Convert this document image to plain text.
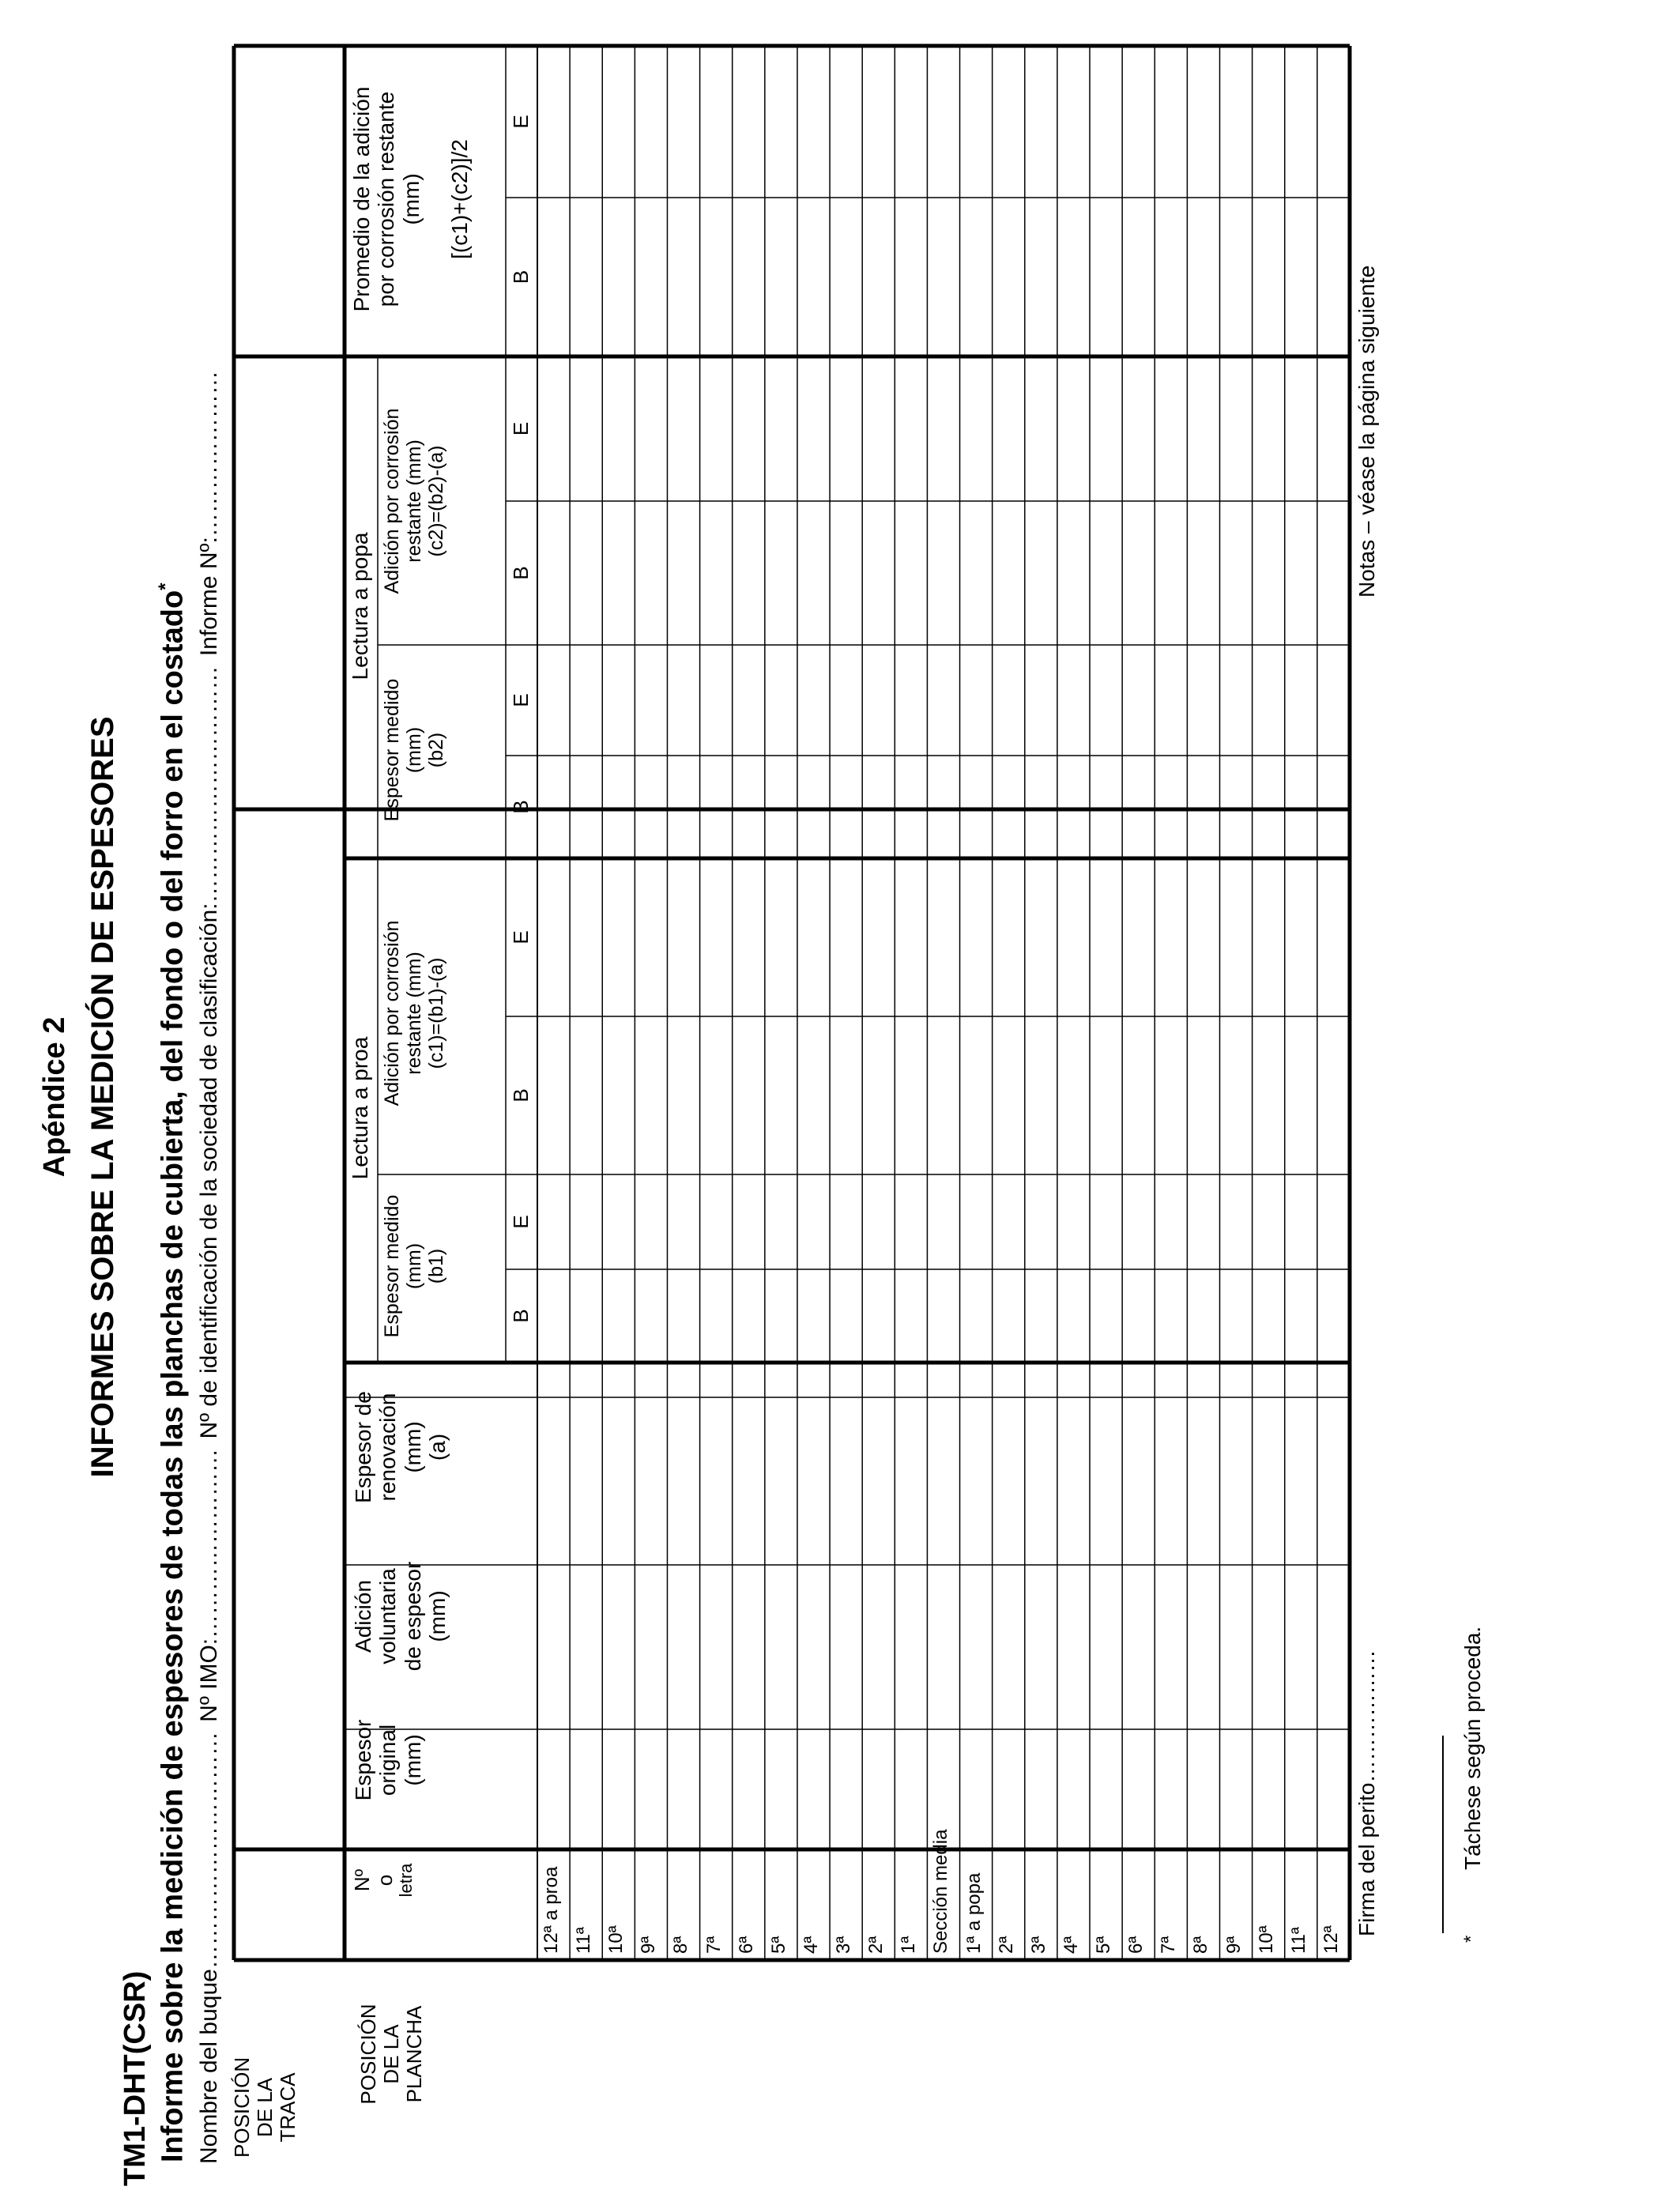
Apéndice 2 INFORMES SOBRE LA MEDICIÓN DE ESPESORES
TM1-DHT(CSR) Informe sobre la medición de espesores de todas las planchas de cubierta, del fondo o del forro en el costado*
Nombre del buque………………………… Nº IMO:…………………… Nº de identificación de la sociedad de clasificación:………………………… Informe Nº:…………………
B
E
B
E
B
E
B
E
B
E
POSICIÓN DE LA TRACA
POSICIÓN DE LA PLANCHA
Nº o letra
Espesor original (mm)
Adición voluntaria de espesor (mm)
Espesor de renovación (mm) (a)
Lectura a proa
Espesor medido (mm) (b1)
Adición por corrosión restante (mm) (c1)=(b1)-(a)
Lectura a popa
Espesor medido (mm) (b2)
Adición por corrosión restante (mm) (c2)=(b2)-(a)
Promedio de la adición por corrosión restante (mm) [(c1)+(c2)]/2
12ª a proa 11ª 10ª 9ª 8ª 7ª 6ª 5ª 4ª 3ª 2ª 1ª Sección media 1ª a popa 2ª 3ª 4ª 5ª 6ª 7ª 8ª 9ª 10ª 11ª 12ª
Firma del perito………………
Notas – véase la página siguiente
*Táchese según proceda.
